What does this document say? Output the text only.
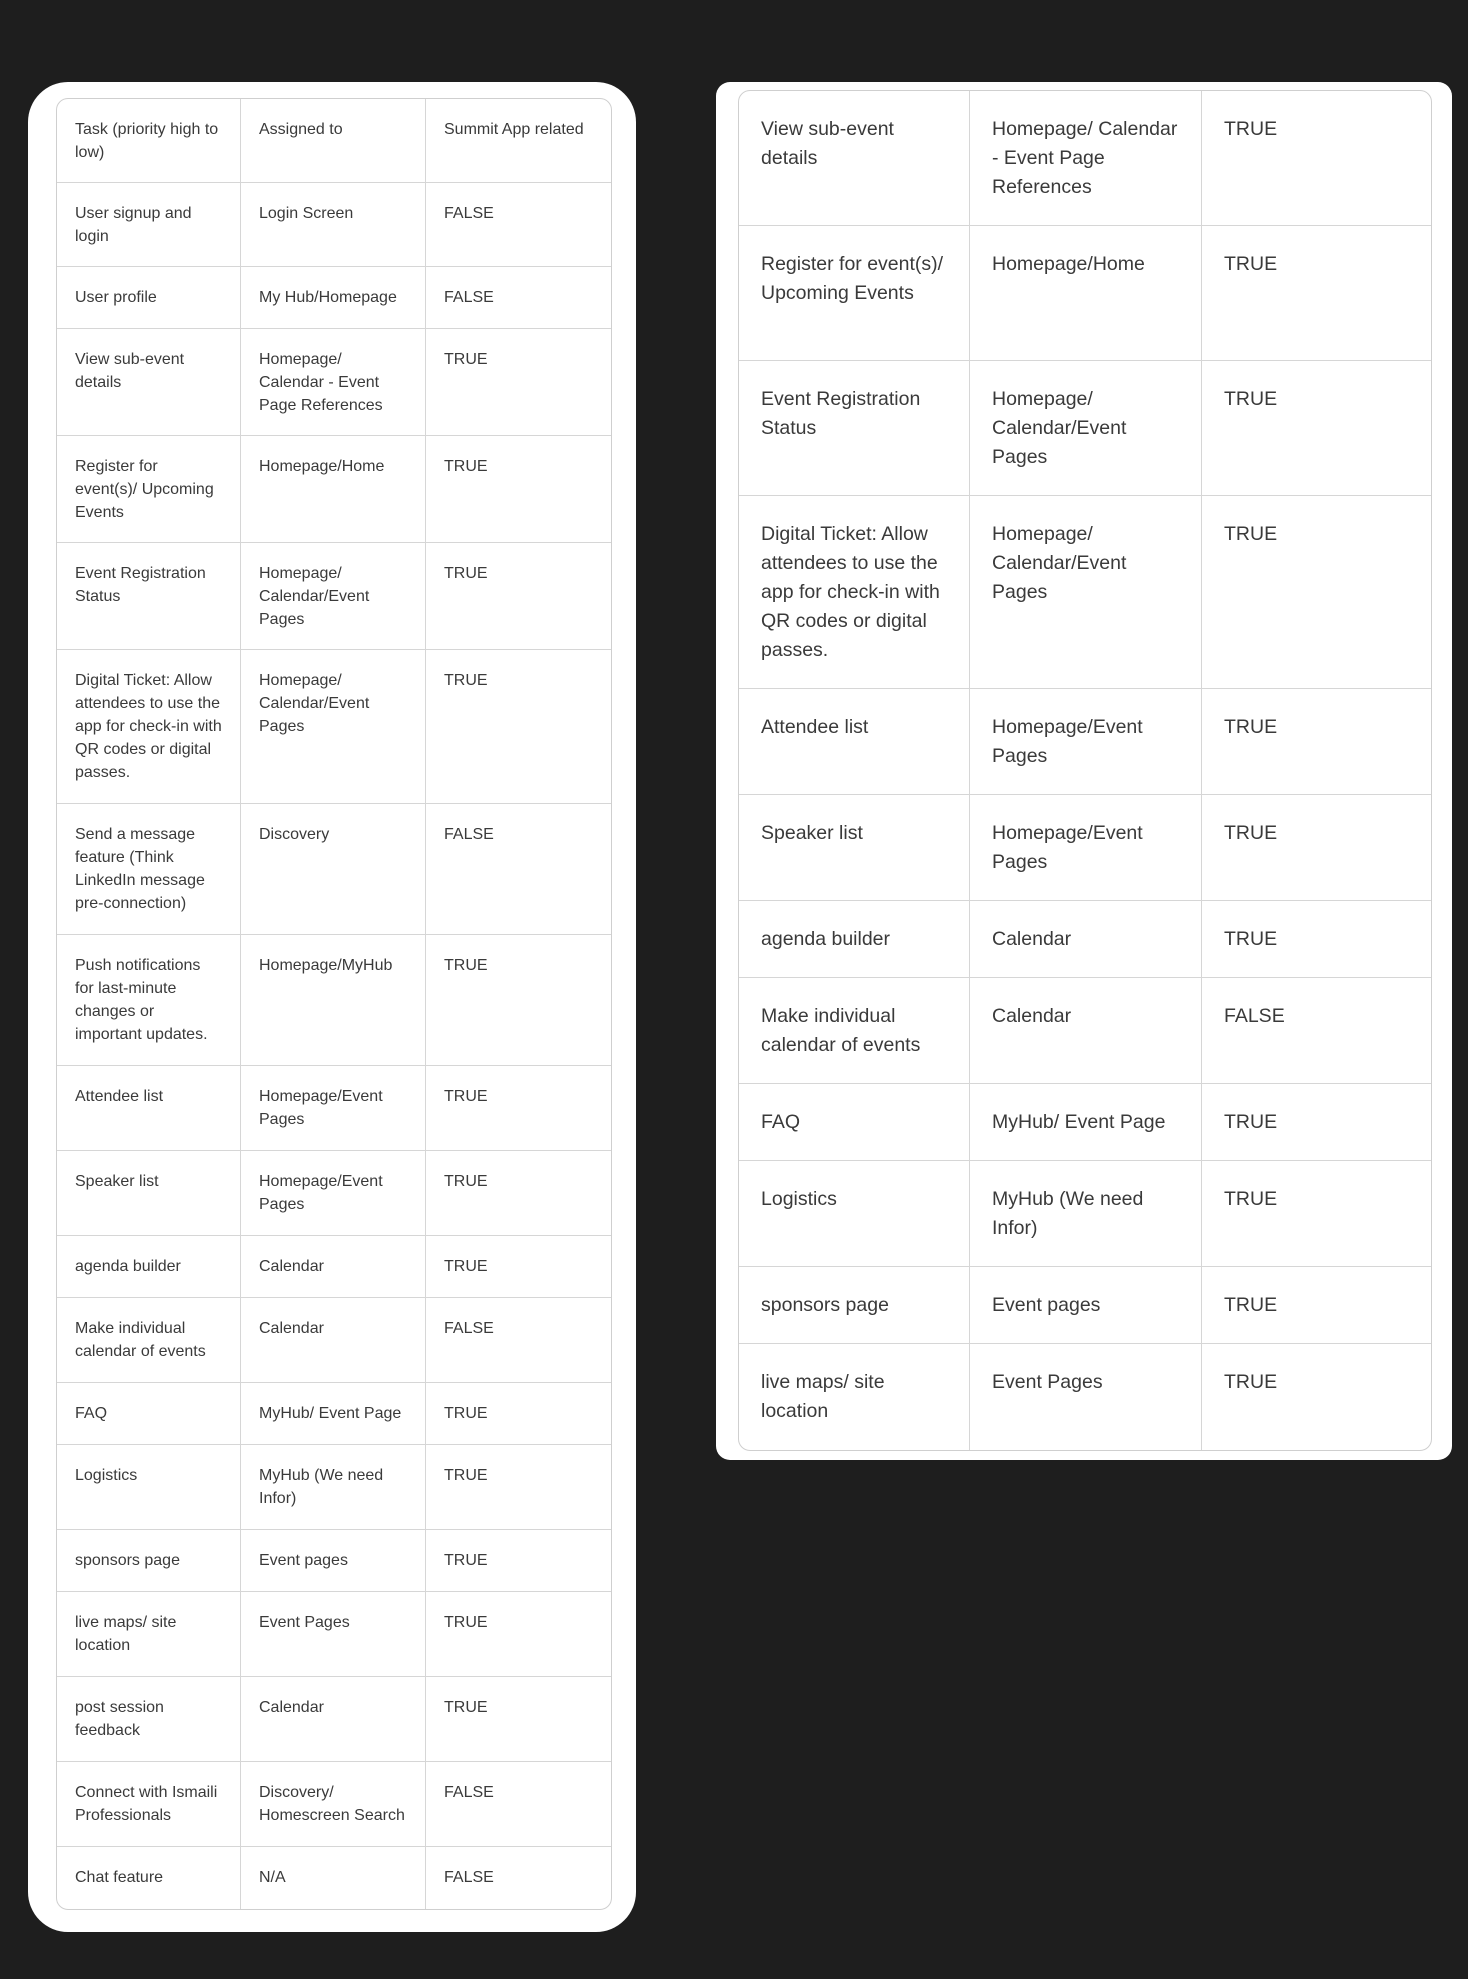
Task (priority high to low)	Assigned to	Summit App related
User signup and login	Login Screen	FALSE
User profile	My Hub/Homepage	FALSE
View sub-event details	Homepage/ Calendar - Event Page References	TRUE
Register for event(s)/ Upcoming Events	Homepage/Home	TRUE
Event Registration Status	Homepage/ Calendar/Event Pages	TRUE
Digital Ticket: Allow attendees to use the app for check-in with QR codes or digital passes.	Homepage/ Calendar/Event Pages	TRUE
Send a message feature (Think LinkedIn message pre-connection)	Discovery	FALSE
Push notifications for last-minute changes or important updates.	Homepage/MyHub	TRUE
Attendee list	Homepage/Event Pages	TRUE
Speaker list	Homepage/Event Pages	TRUE
agenda builder	Calendar	TRUE
Make individual calendar of events	Calendar	FALSE
FAQ	MyHub/ Event Page	TRUE
Logistics	MyHub (We need Infor)	TRUE
sponsors page	Event pages	TRUE
live maps/ site location	Event Pages	TRUE
post session feedback	Calendar	TRUE
Connect with Ismaili Professionals	Discovery/ Homescreen Search	FALSE
Chat feature	N/A	FALSE
View sub-event details	Homepage/ Calendar - Event Page References	TRUE
Register for event(s)/ Upcoming Events	Homepage/Home	TRUE
Event Registration Status	Homepage/ Calendar/Event Pages	TRUE
Digital Ticket: Allow attendees to use the app for check-in with QR codes or digital passes.	Homepage/ Calendar/Event Pages	TRUE
Attendee list	Homepage/Event Pages	TRUE
Speaker list	Homepage/Event Pages	TRUE
agenda builder	Calendar	TRUE
Make individual calendar of events	Calendar	FALSE
FAQ	MyHub/ Event Page	TRUE
Logistics	MyHub (We need Infor)	TRUE
sponsors page	Event pages	TRUE
live maps/ site location	Event Pages	TRUE
